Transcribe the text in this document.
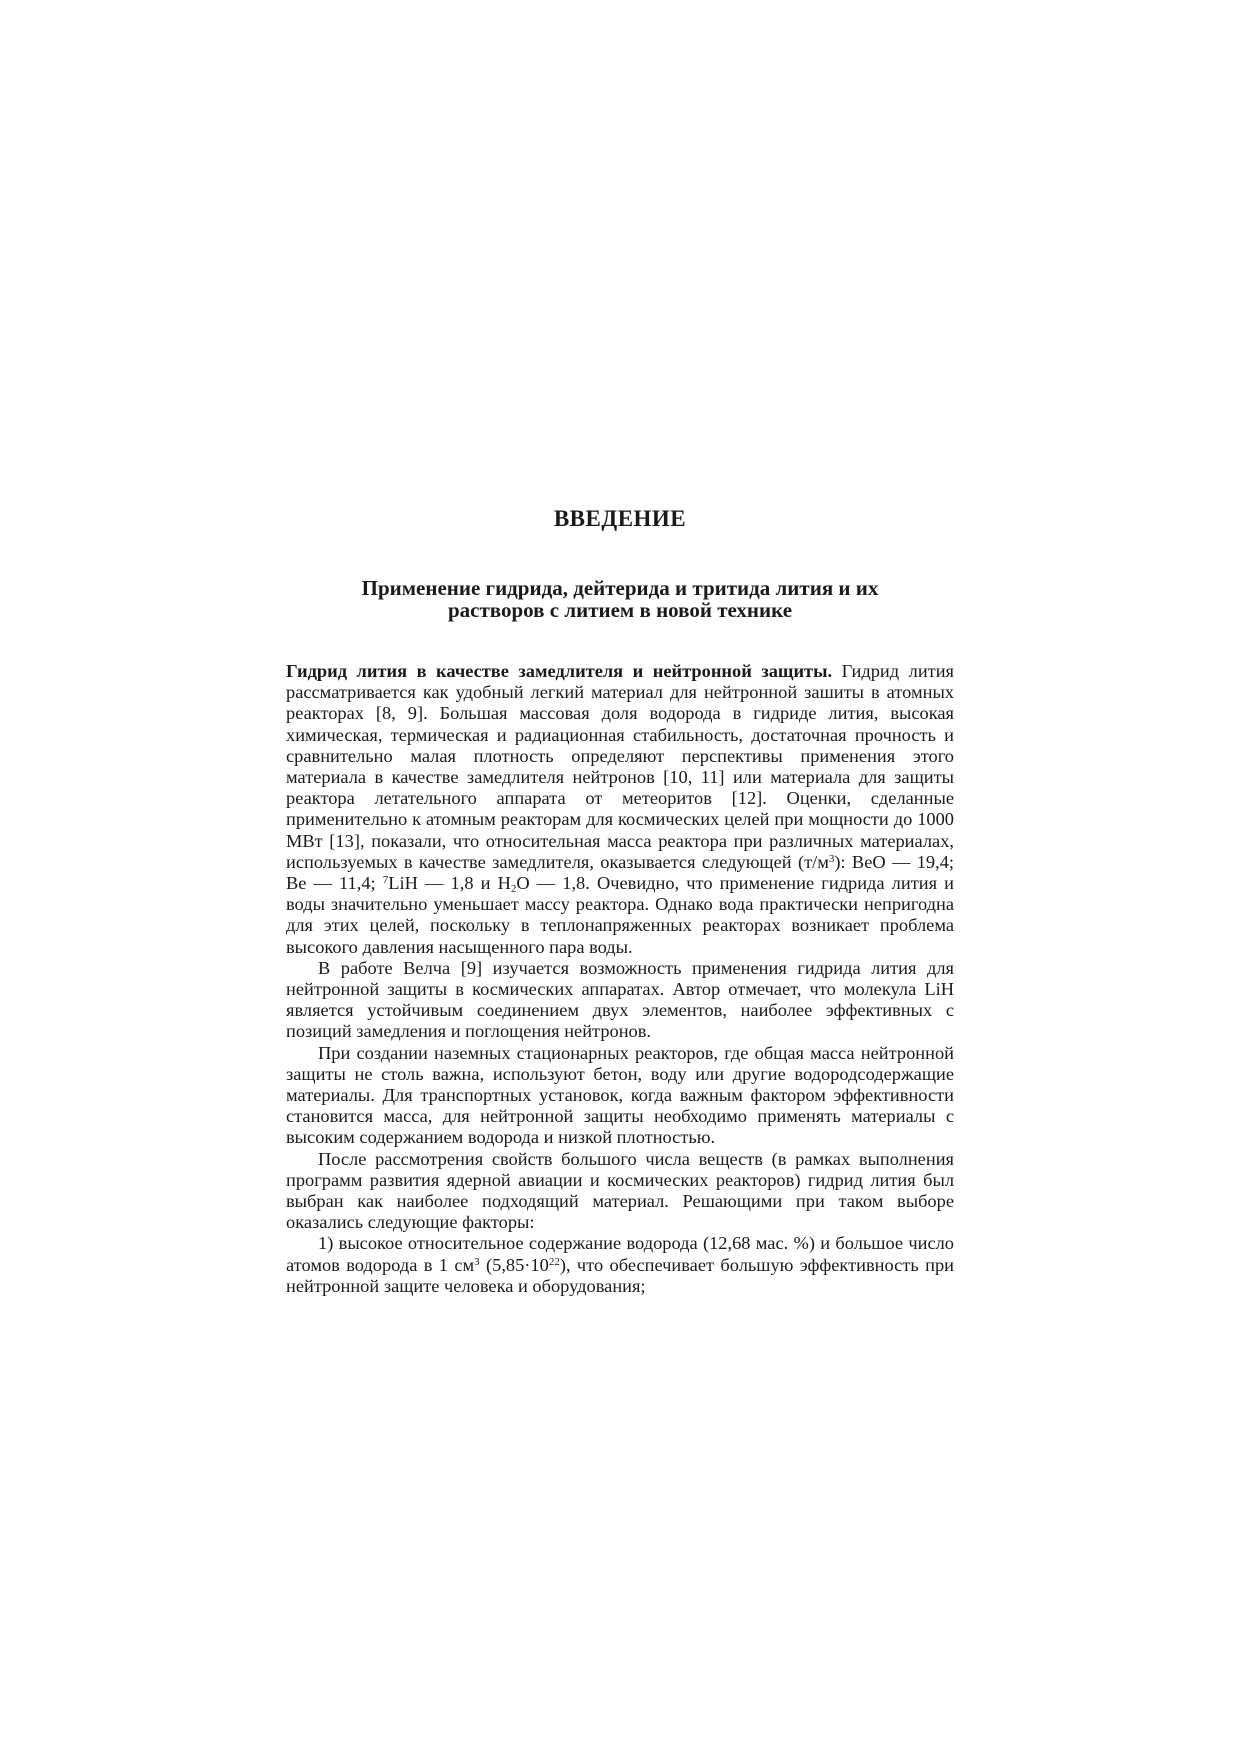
ВВЕДЕНИЕ
Применение гидрида, дейтерида и тритида лития и их
растворов с литием в новой технике

Гидрид лития в качестве замедлителя и нейтронной защиты. Гидрид лития рассматривается как удобный легкий материал для нейтронной зашиты в атомных реакторах [8, 9]. Большая массовая доля водорода в гидриде лития, высокая химическая, термическая и радиационная стабильность, достаточная прочность и сравнительно малая плотность определяют перспективы применения этого материала в качестве замедлителя нейтронов [10, 11] или материала для защиты реактора летательного аппарата от метеоритов [12]. Оценки, сделанные применительно к атомным реакторам для космических целей при мощности до 1000 МВт [13], показали, что относительная масса реактора при различных материалах, используемых в качестве замедлителя, оказывается следующей $(т/м^3)$: BeO — 19,4; Be — 11,4; $^7$LiH — 1,8 и $H_2O$ — 1,8. Очевидно, что применение гидрида лития и воды значительно уменьшает массу реактора. Однако вода практически непригодна для этих целей, поскольку в теплонапряженных реакторах возникает проблема высокого давления насыщенного пара воды.

В работе Велча [9] изучается возможность применения гидрида лития для нейтронной защиты в космических аппаратах. Автор отмечает, что молекула LiH является устойчивым соединением двух элементов, наиболее эффективных с позиций замедления и поглощения нейтронов.

При создании наземных стационарных реакторов, где общая масса нейтронной защиты не столь важна, используют бетон, воду или другие водородсодержащие материалы. Для транспортных установок, когда важным фактором эффективности становится масса, для нейтронной защиты необходимо применять материалы с высоким содержанием водорода и низкой плотностью.

После рассмотрения свойств большого числа веществ (в рамках выполнения программ развития ядерной авиации и космических реакторов) гидрид лития был выбран как наиболее подходящий материал. Решающими при таком выборе оказались следующие факторы:

1) высокое относительное содержание водорода (12,68 мас. %) и большое число атомов водорода в 1 $см^3$ $(5,85\cdot 10^{22})$, что обеспечивает большую эффективность при нейтронной защите человека и оборудования;
